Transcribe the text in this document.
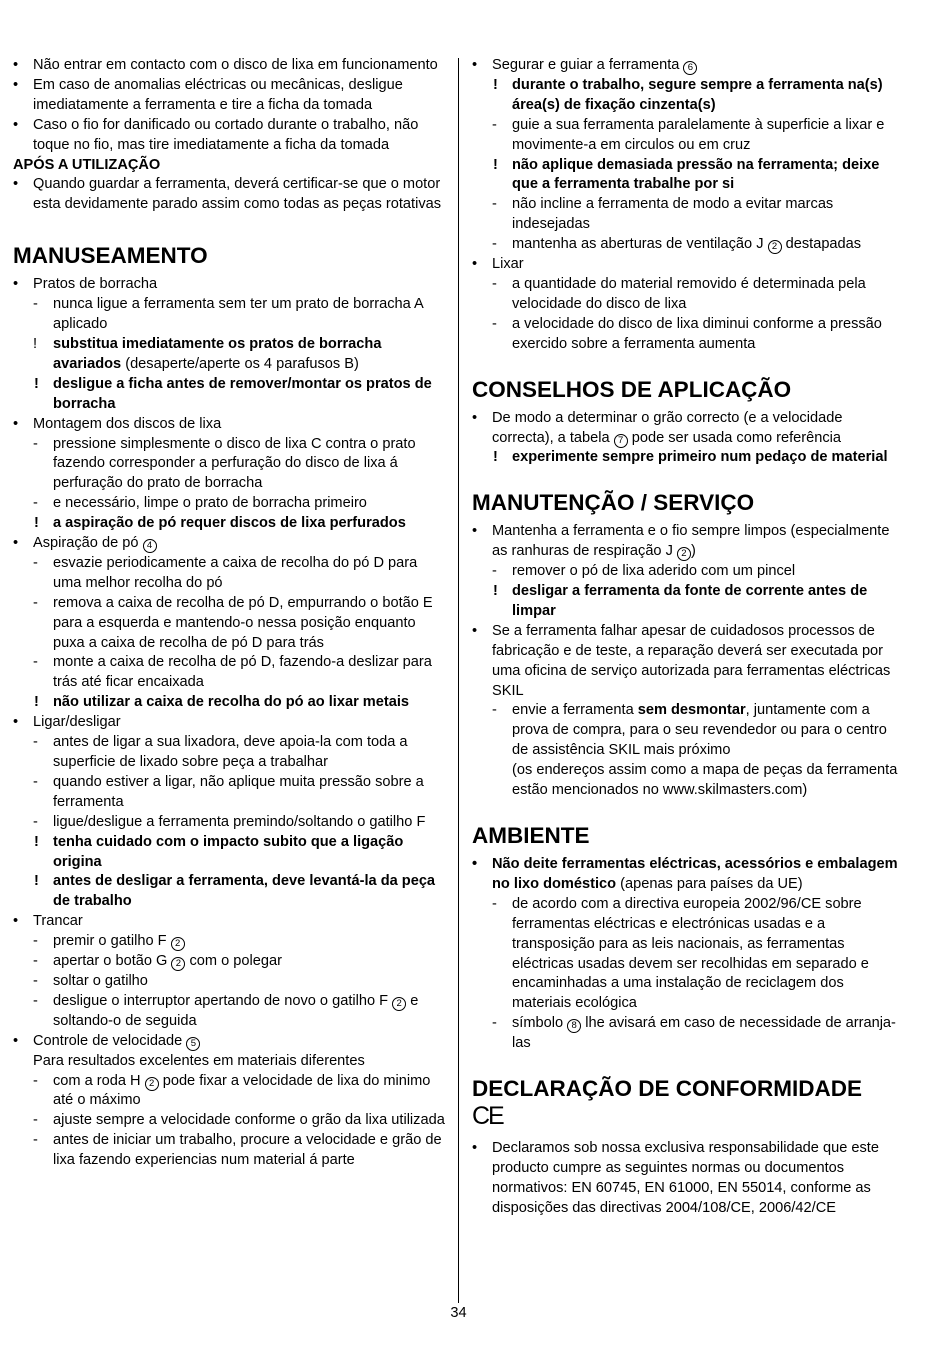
• Não entrar em contacto com o disco de lixa em funcionamento
• Em caso de anomalias eléctricas ou mecânicas, desligue imediatamente a ferramenta e tire a ficha da tomada
• Caso o fio for danificado ou cortado durante o trabalho, não toque no fio, mas tire imediatamente a ficha da tomada
APÓS A UTILIZAÇÃO
• Quando guardar a ferramenta, deverá certificar-se que o motor esta devidamente parado assim como todas as peças rotativas
MANUSEAMENTO
• Pratos de borracha
- nunca ligue a ferramenta sem ter um prato de borracha A aplicado
! substitua imediatamente os pratos de borracha avariados (desaperte/aperte os 4 parafusos B)
! desligue a ficha antes de remover/montar os pratos de borracha
• Montagem dos discos de lixa
- pressione simplesmente o disco de lixa C contra o prato fazendo corresponder a perfuração do disco de lixa á perfuração do prato de borracha
- e necessário, limpe o prato de borracha primeiro
! a aspiração de pó requer discos de lixa perfurados
• Aspiração de pó 4
- esvazie periodicamente a caixa de recolha do pó D para uma melhor recolha do pó
- remova a caixa de recolha de pó D, empurrando o botão E para a esquerda e mantendo-o nessa posição enquanto puxa a caixa de recolha de pó D para trás
- monte a caixa de recolha de pó D, fazendo-a deslizar para trás até ficar encaixada
! não utilizar a caixa de recolha do pó ao lixar metais
• Ligar/desligar
- antes de ligar a sua lixadora, deve apoia-la com toda a superficie de lixado sobre peça a trabalhar
- quando estiver a ligar, não aplique muita pressão sobre a ferramenta
- ligue/desligue a ferramenta premindo/soltando o gatilho F
! tenha cuidado com o impacto subito que a ligação origina
! antes de desligar a ferramenta, deve levantá-la da peça de trabalho
• Trancar
- premir o gatilho F 2
- apertar o botão G 2 com o polegar
- soltar o gatilho
- desligue o interruptor apertando de novo o gatilho F 2 e soltando-o de seguida
• Controle de velocidade 5
Para resultados excelentes em materiais diferentes
- com a roda H 2 pode fixar a velocidade de lixa do minimo até o máximo
- ajuste sempre a velocidade conforme o grão da lixa utilizada
- antes de iniciar um trabalho, procure a velocidade e grão de lixa fazendo experiencias num material á parte
• Segurar e guiar a ferramenta 6
! durante o trabalho, segure sempre a ferramenta na(s) área(s) de fixação cinzenta(s)
- guie a sua ferramenta paralelamente à superficie a lixar e movimente-a em circulos ou em cruz
! não aplique demasiada pressão na ferramenta; deixe que a ferramenta trabalhe por si
- não incline a ferramenta de modo a evitar marcas indesejadas
- mantenha as aberturas de ventilação J 2 destapadas
• Lixar
- a quantidade do material removido é determinada pela velocidade do disco de lixa
- a velocidade do disco de lixa diminui conforme a pressão exercido sobre a ferramenta aumenta
CONSELHOS DE APLICAÇÃO
• De modo a determinar o grão correcto (e a velocidade correcta), a tabela 7 pode ser usada como referência
! experimente sempre primeiro num pedaço de material
MANUTENÇÃO / SERVIÇO
• Mantenha a ferramenta e o fio sempre limpos (especialmente as ranhuras de respiração J 2 )
- remover o pó de lixa aderido com um pincel
! desligar a ferramenta da fonte de corrente antes de limpar
• Se a ferramenta falhar apesar de cuidadosos processos de fabricação e de teste, a reparação deverá ser executada por uma oficina de serviço autorizada para ferramentas eléctricas SKIL
- envie a ferramenta sem desmontar, juntamente com a prova de compra, para o seu revendedor ou para o centro de assistência SKIL mais próximo
(os endereços assim como a mapa de peças da ferramenta estão mencionados no www.skilmasters.com)
AMBIENTE
• Não deite ferramentas eléctricas, acessórios e embalagem no lixo doméstico (apenas para países da UE)
- de acordo com a directiva europeia 2002/96/CE sobre ferramentas eléctricas e electrónicas usadas e a transposição para as leis nacionais, as ferramentas eléctricas usadas devem ser recolhidas em separado e encaminhadas a uma instalação de reciclagem dos materiais ecológica
- símbolo 8 lhe avisará em caso de necessidade de arranja-las
DECLARAÇÃO DE CONFORMIDADE
CE
• Declaramos sob nossa exclusiva responsabilidade que este producto cumpre as seguintes normas ou documentos normativos: EN 60745, EN 61000, EN 55014, conforme as disposições das directivas 2004/108/CE, 2006/42/CE
34
